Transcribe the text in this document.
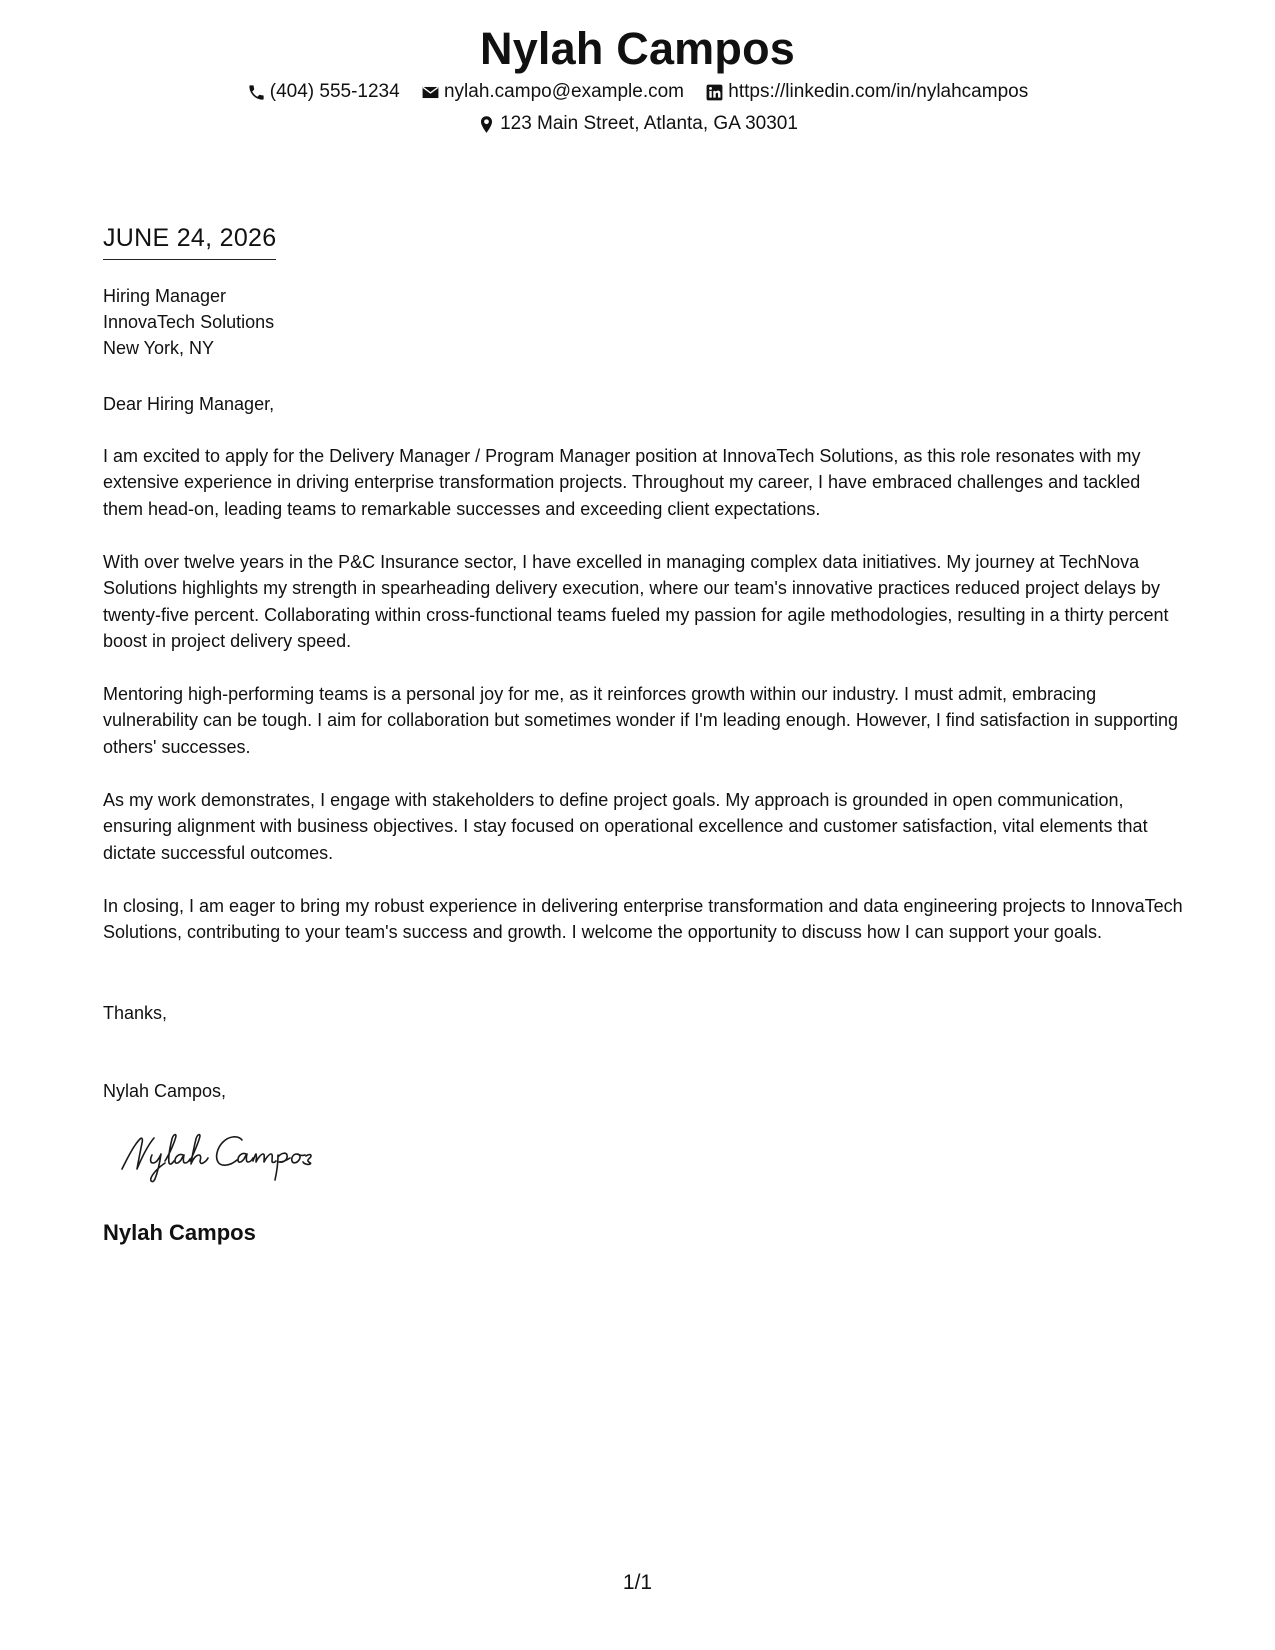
Nylah Campos
(404) 555-1234
nylah.campo@example.com
https://linkedin.com/in/nylahcampos
123 Main Street, Atlanta, GA 30301
JUNE 24, 2026
Hiring Manager
InnovaTech Solutions
New York, NY
Dear Hiring Manager,
I am excited to apply for the Delivery Manager / Program Manager position at InnovaTech Solutions, as this role resonates with my extensive experience in driving enterprise transformation projects. Throughout my career, I have embraced challenges and tackled them head-on, leading teams to remarkable successes and exceeding client expectations.
With over twelve years in the P&C Insurance sector, I have excelled in managing complex data initiatives. My journey at TechNova Solutions highlights my strength in spearheading delivery execution, where our team's innovative practices reduced project delays by twenty-five percent. Collaborating within cross-functional teams fueled my passion for agile methodologies, resulting in a thirty percent boost in project delivery speed.
Mentoring high-performing teams is a personal joy for me, as it reinforces growth within our industry. I must admit, embracing vulnerability can be tough. I aim for collaboration but sometimes wonder if I'm leading enough. However, I find satisfaction in supporting others' successes.
As my work demonstrates, I engage with stakeholders to define project goals. My approach is grounded in open communication, ensuring alignment with business objectives. I stay focused on operational excellence and customer satisfaction, vital elements that dictate successful outcomes.
In closing, I am eager to bring my robust experience in delivering enterprise transformation and data engineering projects to InnovaTech Solutions, contributing to your team's success and growth. I welcome the opportunity to discuss how I can support your goals.
Thanks,
Nylah Campos,
Nylah Campos
1/1
